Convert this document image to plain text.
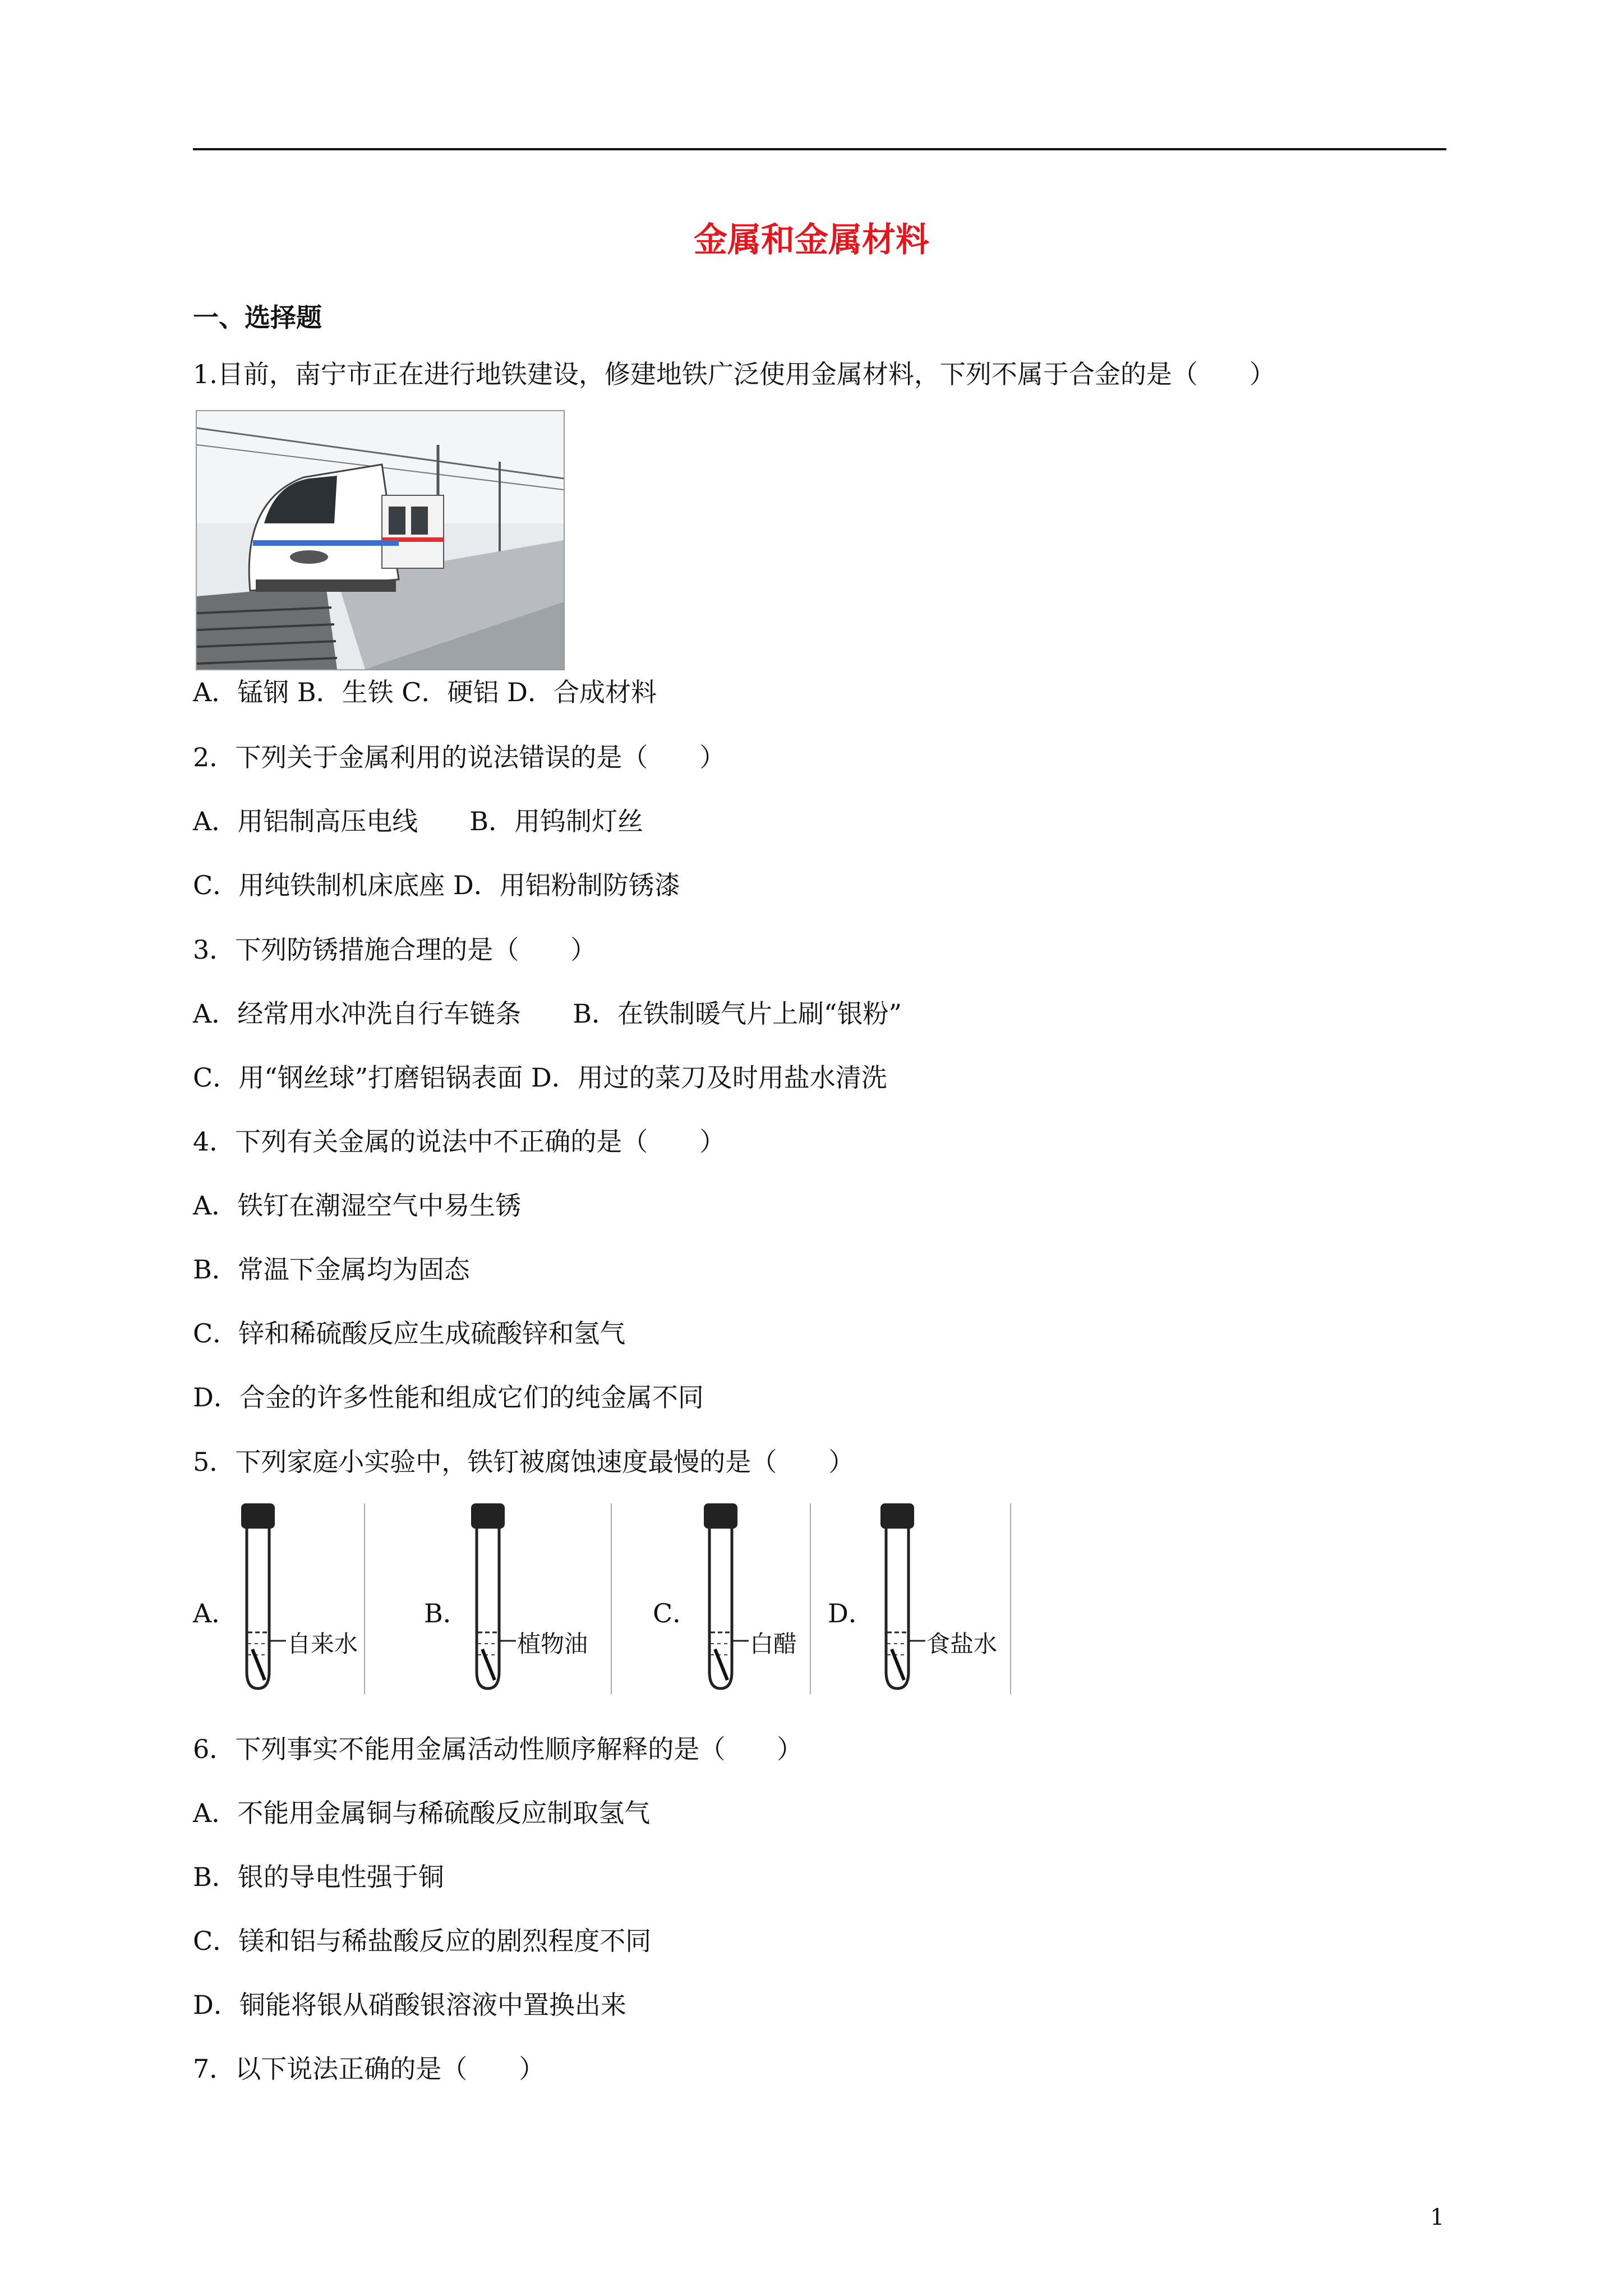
金属和金属材料
一、选择题
1.目前，南宁市正在进行地铁建设，修建地铁广泛使用金属材料，下列不属于合金的是（　　）
A．锰钢 B．生铁 C．硬铝 D．合成材料
2．下列关于金属利用的说法错误的是（　　）
A．用铝制高压电线　　B．用钨制灯丝
C．用纯铁制机床底座 D．用铝粉制防锈漆
3．下列防锈措施合理的是（　　）
A．经常用水冲洗自行车链条　　B．在铁制暖气片上刷“银粉”
C．用“钢丝球”打磨铝锅表面 D．用过的菜刀及时用盐水清洗
4．下列有关金属的说法中不正确的是（　　）
A．铁钉在潮湿空气中易生锈
B．常温下金属均为固态
C．锌和稀硫酸反应生成硫酸锌和氢气
D．合金的许多性能和组成它们的纯金属不同
5．下列家庭小实验中，铁钉被腐蚀速度最慢的是（　　）
A．
自来水
B．
植物油
C．
白醋
D．
食盐水
6．下列事实不能用金属活动性顺序解释的是（　　）
A．不能用金属铜与稀硫酸反应制取氢气
B．银的导电性强于铜
C．镁和铝与稀盐酸反应的剧烈程度不同
D．铜能将银从硝酸银溶液中置换出来
7．以下说法正确的是（　　）
1
